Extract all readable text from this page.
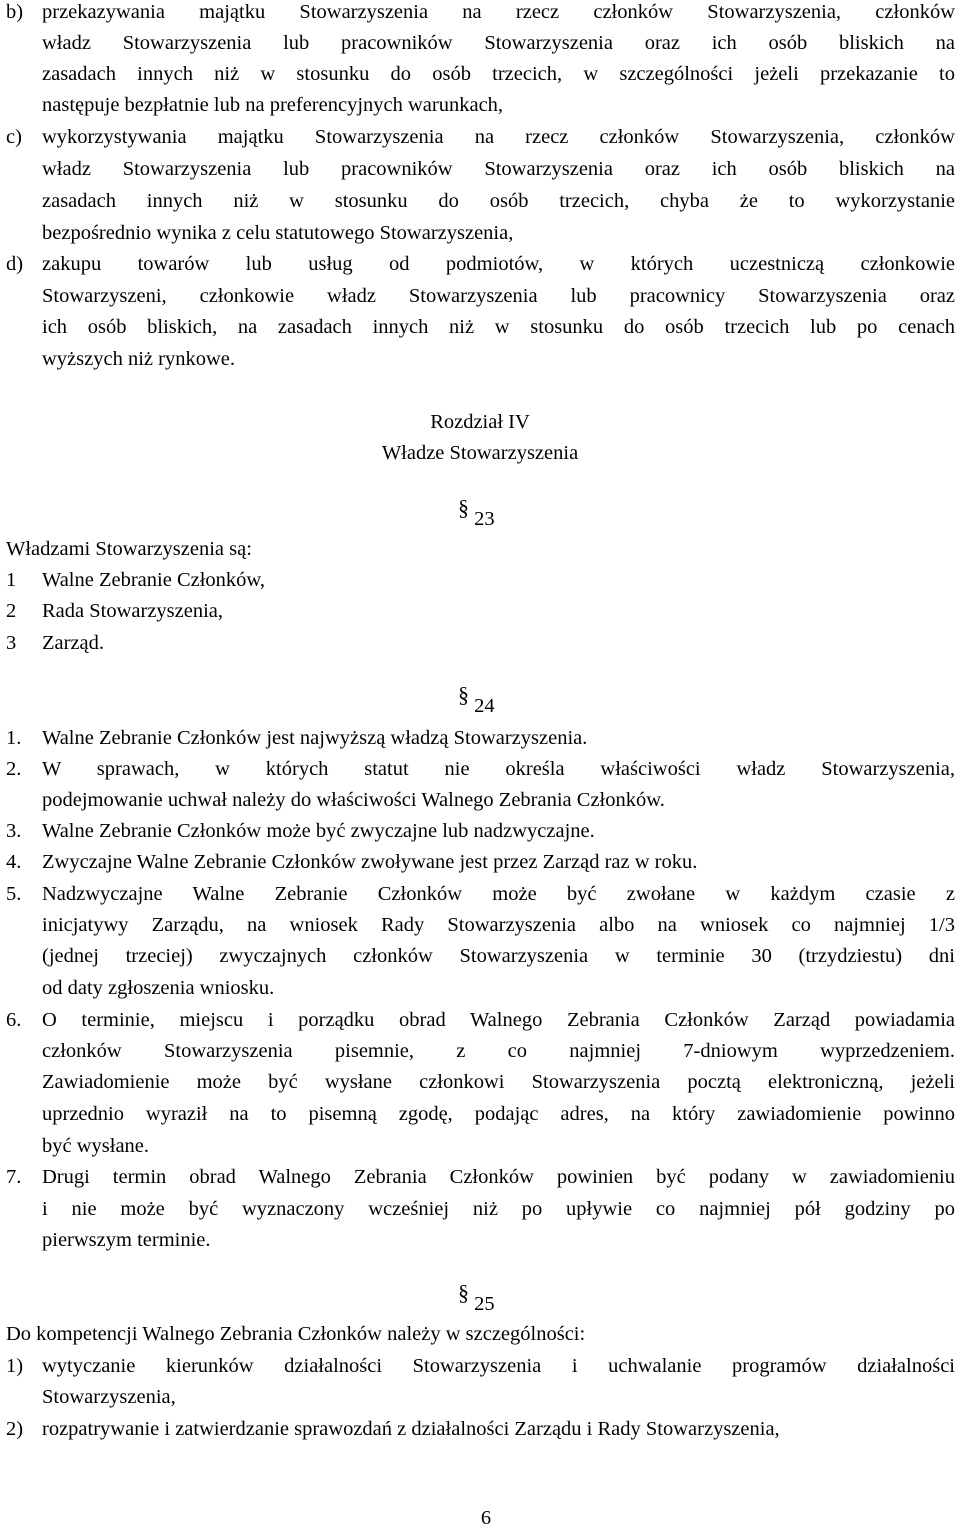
b) przekazywania majątku Stowarzyszenia na rzecz członków Stowarzyszenia, członków
władz Stowarzyszenia lub pracowników Stowarzyszenia oraz ich osób bliskich na
zasadach innych niż w stosunku do osób trzecich, w szczególności jeżeli przekazanie to
następuje bezpłatnie lub na preferencyjnych warunkach,
c) wykorzystywania majątku Stowarzyszenia na rzecz członków Stowarzyszenia, członków
władz Stowarzyszenia lub pracowników Stowarzyszenia oraz ich osób bliskich na
zasadach innych niż w stosunku do osób trzecich, chyba że to wykorzystanie
bezpośrednio wynika z celu statutowego Stowarzyszenia,
d) zakupu towarów lub usług od podmiotów, w których uczestniczą członkowie
Stowarzyszeni, członkowie władz Stowarzyszenia lub pracownicy Stowarzyszenia oraz
ich osób bliskich, na zasadach innych niż w stosunku do osób trzecich lub po cenach
wyższych niż rynkowe.
Rozdział IV
Władze Stowarzyszenia
§ 23
Władzami Stowarzyszenia są:
1 Walne Zebranie Członków,
2 Rada Stowarzyszenia,
3 Zarząd.
§ 24
1. Walne Zebranie Członków jest najwyższą władzą Stowarzyszenia.
2. W sprawach, w których statut nie określa właściwości władz Stowarzyszenia,
podejmowanie uchwał należy do właściwości Walnego Zebrania Członków.
3. Walne Zebranie Członków może być zwyczajne lub nadzwyczajne.
4. Zwyczajne Walne Zebranie Członków zwoływane jest przez Zarząd raz w roku.
5. Nadzwyczajne Walne Zebranie Członków może być zwołane w każdym czasie z
inicjatywy Zarządu, na wniosek Rady Stowarzyszenia albo na wniosek co najmniej 1/3
(jednej trzeciej) zwyczajnych członków Stowarzyszenia w terminie 30 (trzydziestu) dni
od daty zgłoszenia wniosku.
6. O terminie, miejscu i porządku obrad Walnego Zebrania Członków Zarząd powiadamia
członków Stowarzyszenia pisemnie, z co najmniej 7-dniowym wyprzedzeniem.
Zawiadomienie może być wysłane członkowi Stowarzyszenia pocztą elektroniczną, jeżeli
uprzednio wyraził na to pisemną zgodę, podając adres, na który zawiadomienie powinno
być wysłane.
7. Drugi termin obrad Walnego Zebrania Członków powinien być podany w zawiadomieniu
i nie może być wyznaczony wcześniej niż po upływie co najmniej pół godziny po
pierwszym terminie.
§ 25
Do kompetencji Walnego Zebrania Członków należy w szczególności:
1) wytyczanie kierunków działalności Stowarzyszenia i uchwalanie programów działalności
Stowarzyszenia,
2) rozpatrywanie i zatwierdzanie sprawozdań z działalności Zarządu i Rady Stowarzyszenia,
6
